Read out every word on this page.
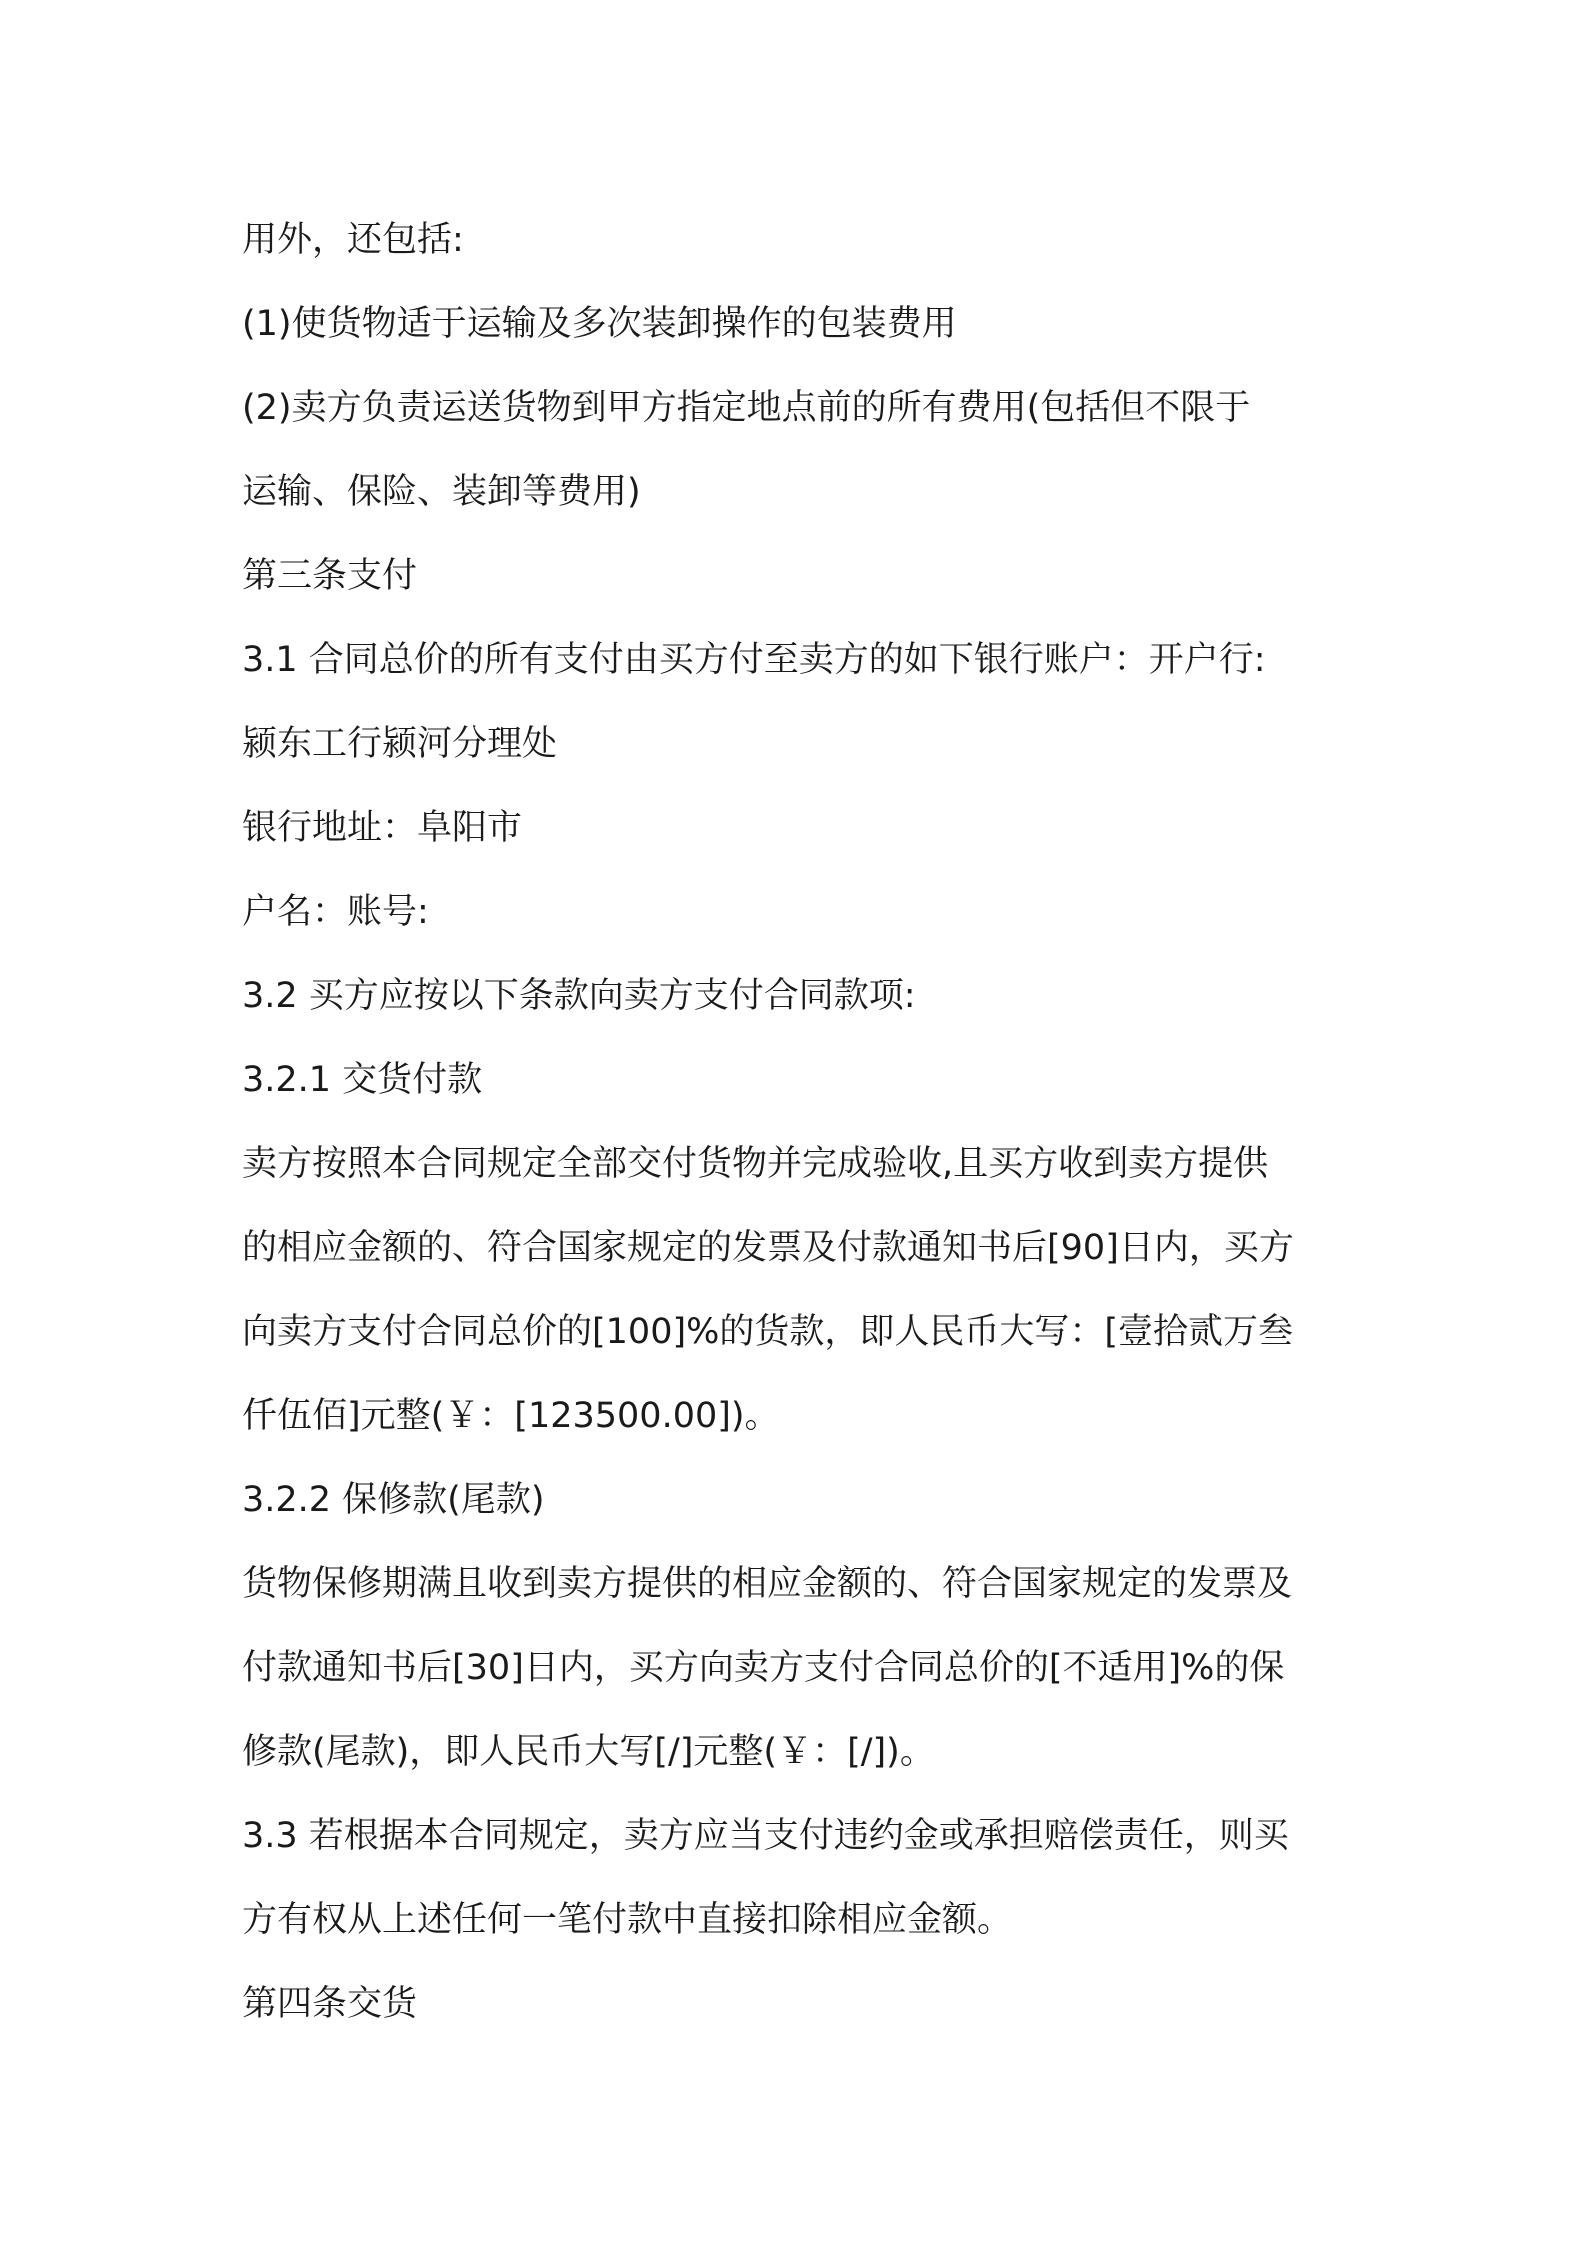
用外，还包括:
(1)使货物适于运输及多次装卸操作的包装费用
(2)卖方负责运送货物到甲方指定地点前的所有费用(包括但不限于
运输、保险、装卸等费用)
第三条支付
3.1 合同总价的所有支付由买方付至卖方的如下银行账户：开户行:
颍东工行颍河分理处
银行地址：阜阳市
户名：账号:
3.2 买方应按以下条款向卖方支付合同款项:
3.2.1 交货付款
卖方按照本合同规定全部交付货物并完成验收,且买方收到卖方提供
的相应金额的、符合国家规定的发票及付款通知书后[90]日内，买方
向卖方支付合同总价的[100]%的货款，即人民币大写：[壹拾贰万叁
仟伍佰]元整(￥：[123500.00])。
3.2.2 保修款(尾款)
货物保修期满且收到卖方提供的相应金额的、符合国家规定的发票及
付款通知书后[30]日内，买方向卖方支付合同总价的[不适用]%的保
修款(尾款)，即人民币大写[/]元整(￥：[/])。
3.3 若根据本合同规定，卖方应当支付违约金或承担赔偿责任，则买
方有权从上述任何一笔付款中直接扣除相应金额。
第四条交货
